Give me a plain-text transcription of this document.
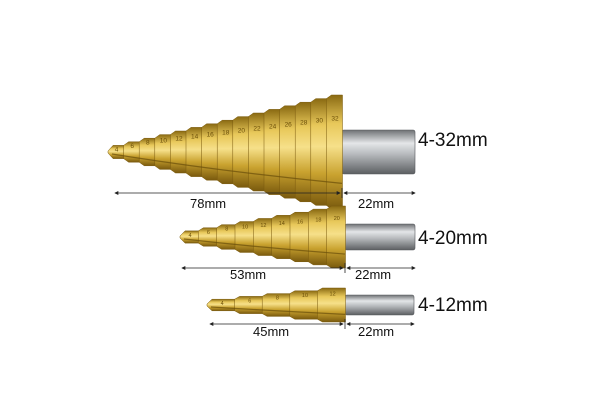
4
6 8 10 12 14 16 18 20 22 24 26 28 30 32
4
6
8 10 12 14 16 18 20
4	6	8	10	12
4-32mm
4-20mm
4-12mm
78mm	22mm
53mm	22mm
45mm	22mm
